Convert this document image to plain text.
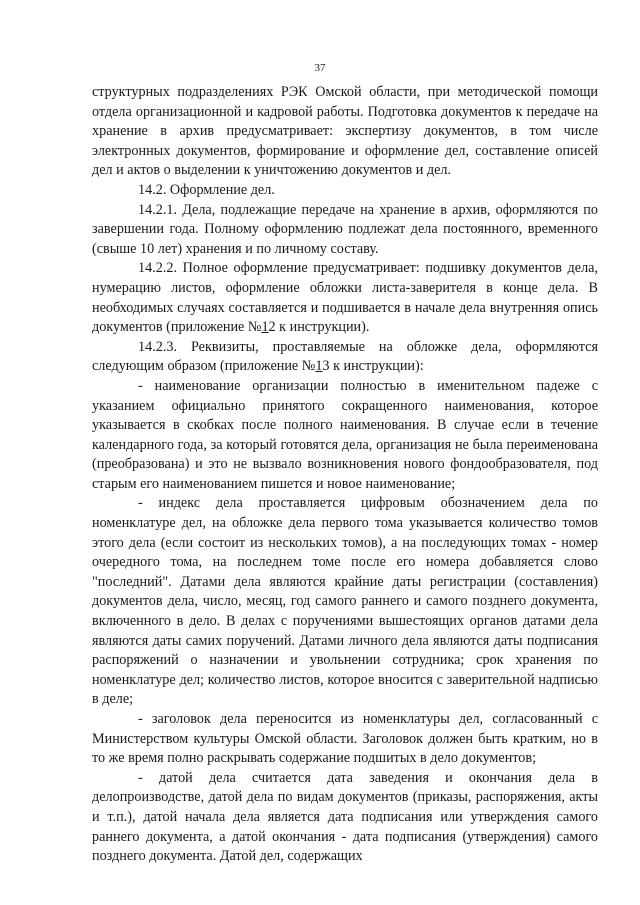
37

структурных подразделениях РЭК Омской области, при методической помощи отдела организационной и кадровой работы. Подготовка документов к передаче на хранение в архив предусматривает: экспертизу документов, в том числе электронных документов, формирование и оформление дел, составление описей дел и актов о выделении к уничтожению документов и дел.

14.2. Оформление дел.

14.2.1. Дела, подлежащие передаче на хранение в архив, оформляются по завершении года. Полному оформлению подлежат дела постоянного, временного (свыше 10 лет) хранения и по личному составу.

14.2.2. Полное оформление предусматривает: подшивку документов дела, нумерацию листов, оформление обложки листа-заверителя в конце дела. В необходимых случаях составляется и подшивается в начале дела внутренняя опись документов (приложение №12 к инструкции).

14.2.3. Реквизиты, проставляемые на обложке дела, оформляются следующим образом (приложение №13 к инструкции):

- наименование организации полностью в именительном падеже с указанием официально принятого сокращенного наименования, которое указывается в скобках после полного наименования. В случае если в течение календарного года, за который готовятся дела, организация не была переименована (преобразована) и это не вызвало возникновения нового фондообразователя, под старым его наименованием пишется и новое наименование;

- индекс дела проставляется цифровым обозначением дела по номенклатуре дел, на обложке дела первого тома указывается количество томов этого дела (если состоит из нескольких томов), а на последующих томах - номер очередного тома, на последнем томе после его номера добавляется слово "последний". Датами дела являются крайние даты регистрации (составления) документов дела, число, месяц, год самого раннего и самого позднего документа, включенного в дело. В делах с поручениями вышестоящих органов датами дела являются даты самих поручений. Датами личного дела являются даты подписания распоряжений о назначении и увольнении сотрудника; срок хранения по номенклатуре дел; количество листов, которое вносится с заверительной надписью в деле;

- заголовок дела переносится из номенклатуры дел, согласованный с Министерством культуры Омской области. Заголовок должен быть кратким, но в то же время полно раскрывать содержание подшитых в дело документов;

- датой дела считается дата заведения и окончания дела в делопроизводстве, датой дела по видам документов (приказы, распоряжения, акты и т.п.), датой начала дела является дата подписания или утверждения самого раннего документа, а датой окончания - дата подписания (утверждения) самого позднего документа. Датой дел, содержащих
